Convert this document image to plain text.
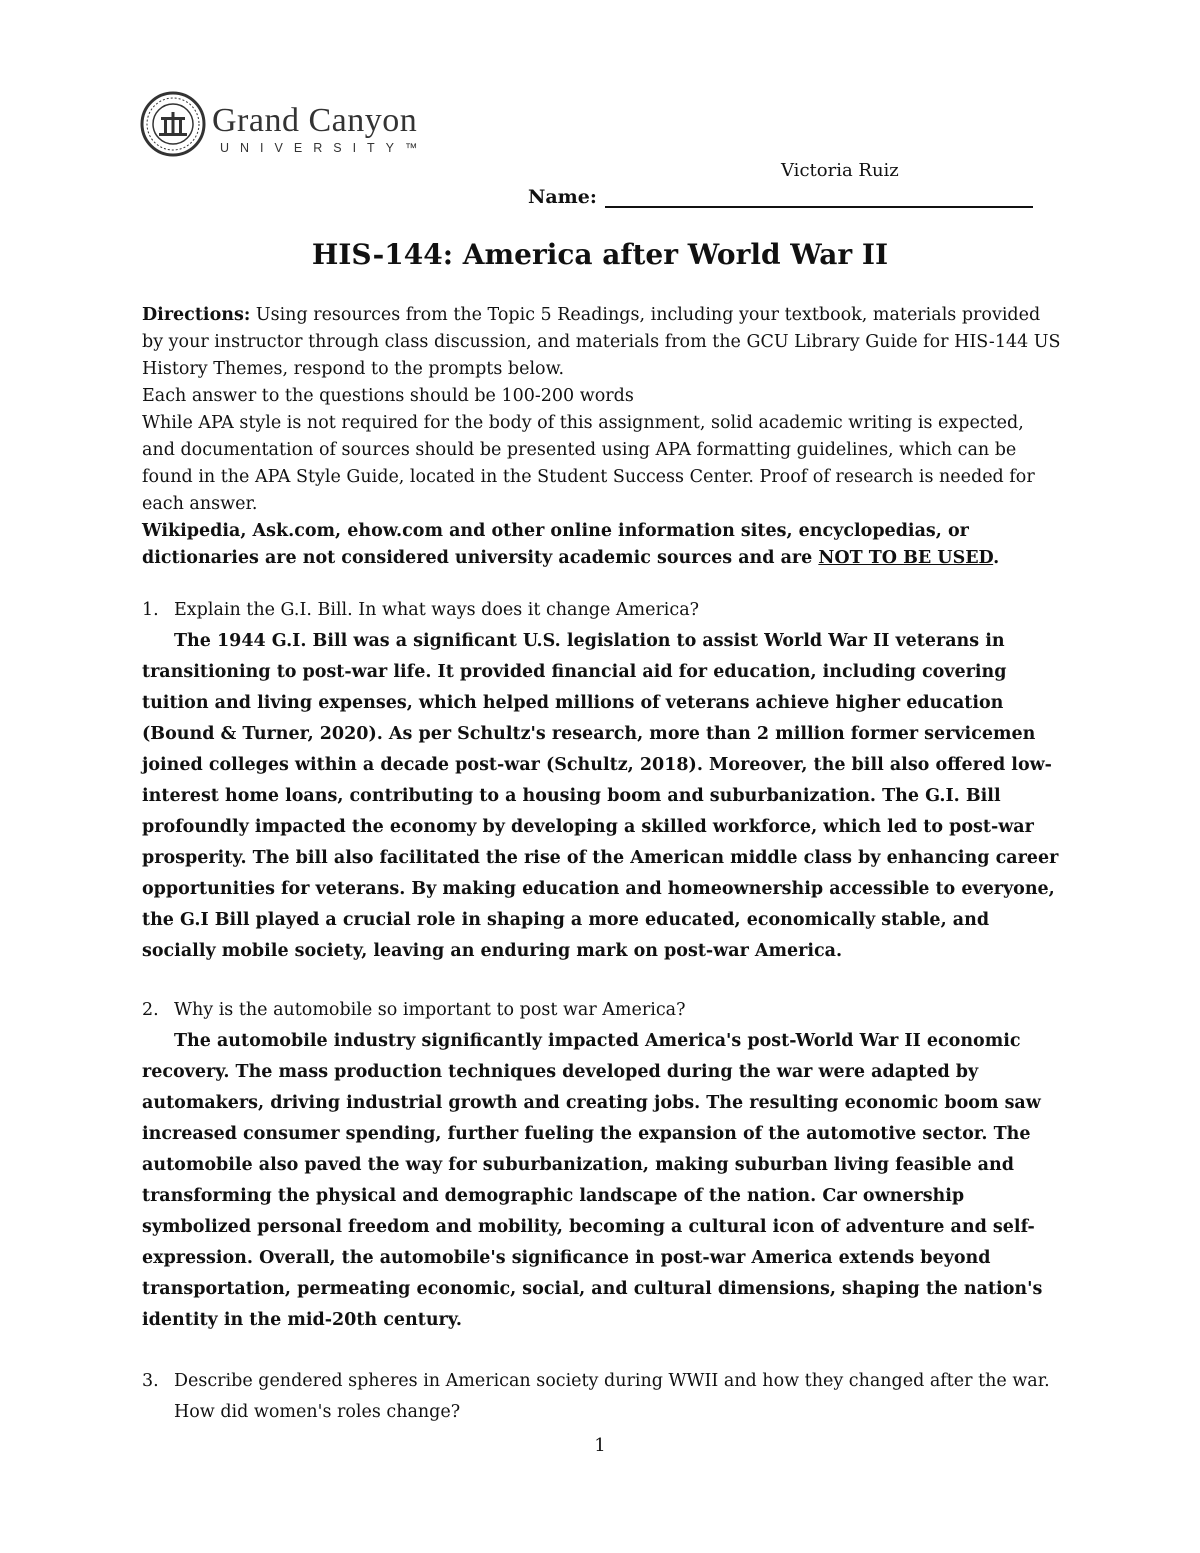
Grand Canyon
UNIVERSITY™
Victoria Ruiz
Name:
HIS-144: America after World War II

Directions: Using resources from the Topic 5 Readings, including your textbook, materials provided by your instructor through class discussion, and materials from the GCU Library Guide for HIS-144 US History Themes, respond to the prompts below.

Each answer to the questions should be 100-200 words

While APA style is not required for the body of this assignment, solid academic writing is expected, and documentation of sources should be presented using APA formatting guidelines, which can be found in the APA Style Guide, located in the Student Success Center. Proof of research is needed for each answer.

Wikipedia, Ask.com, ehow.com and other online information sites, encyclopedias, or dictionaries are not considered university academic sources and are NOT TO BE USED.

1. Explain the G.I. Bill. In what ways does it change America?

The 1944 G.I. Bill was a significant U.S. legislation to assist World War II veterans in transitioning to post-war life. It provided financial aid for education, including covering tuition and living expenses, which helped millions of veterans achieve higher education (Bound & Turner, 2020). As per Schultz's research, more than 2 million former servicemen joined colleges within a decade post-war (Schultz, 2018). Moreover, the bill also offered low-interest home loans, contributing to a housing boom and suburbanization. The G.I. Bill profoundly impacted the economy by developing a skilled workforce, which led to post-war prosperity. The bill also facilitated the rise of the American middle class by enhancing career opportunities for veterans. By making education and homeownership accessible to everyone, the G.I Bill played a crucial role in shaping a more educated, economically stable, and socially mobile society, leaving an enduring mark on post-war America.

2. Why is the automobile so important to post war America?

The automobile industry significantly impacted America's post-World War II economic recovery. The mass production techniques developed during the war were adapted by automakers, driving industrial growth and creating jobs. The resulting economic boom saw increased consumer spending, further fueling the expansion of the automotive sector. The automobile also paved the way for suburbanization, making suburban living feasible and transforming the physical and demographic landscape of the nation. Car ownership symbolized personal freedom and mobility, becoming a cultural icon of adventure and self-expression. Overall, the automobile's significance in post-war America extends beyond transportation, permeating economic, social, and cultural dimensions, shaping the nation's identity in the mid-20th century.

3. Describe gendered spheres in American society during WWII and how they changed after the war. How did women's roles change?

1
